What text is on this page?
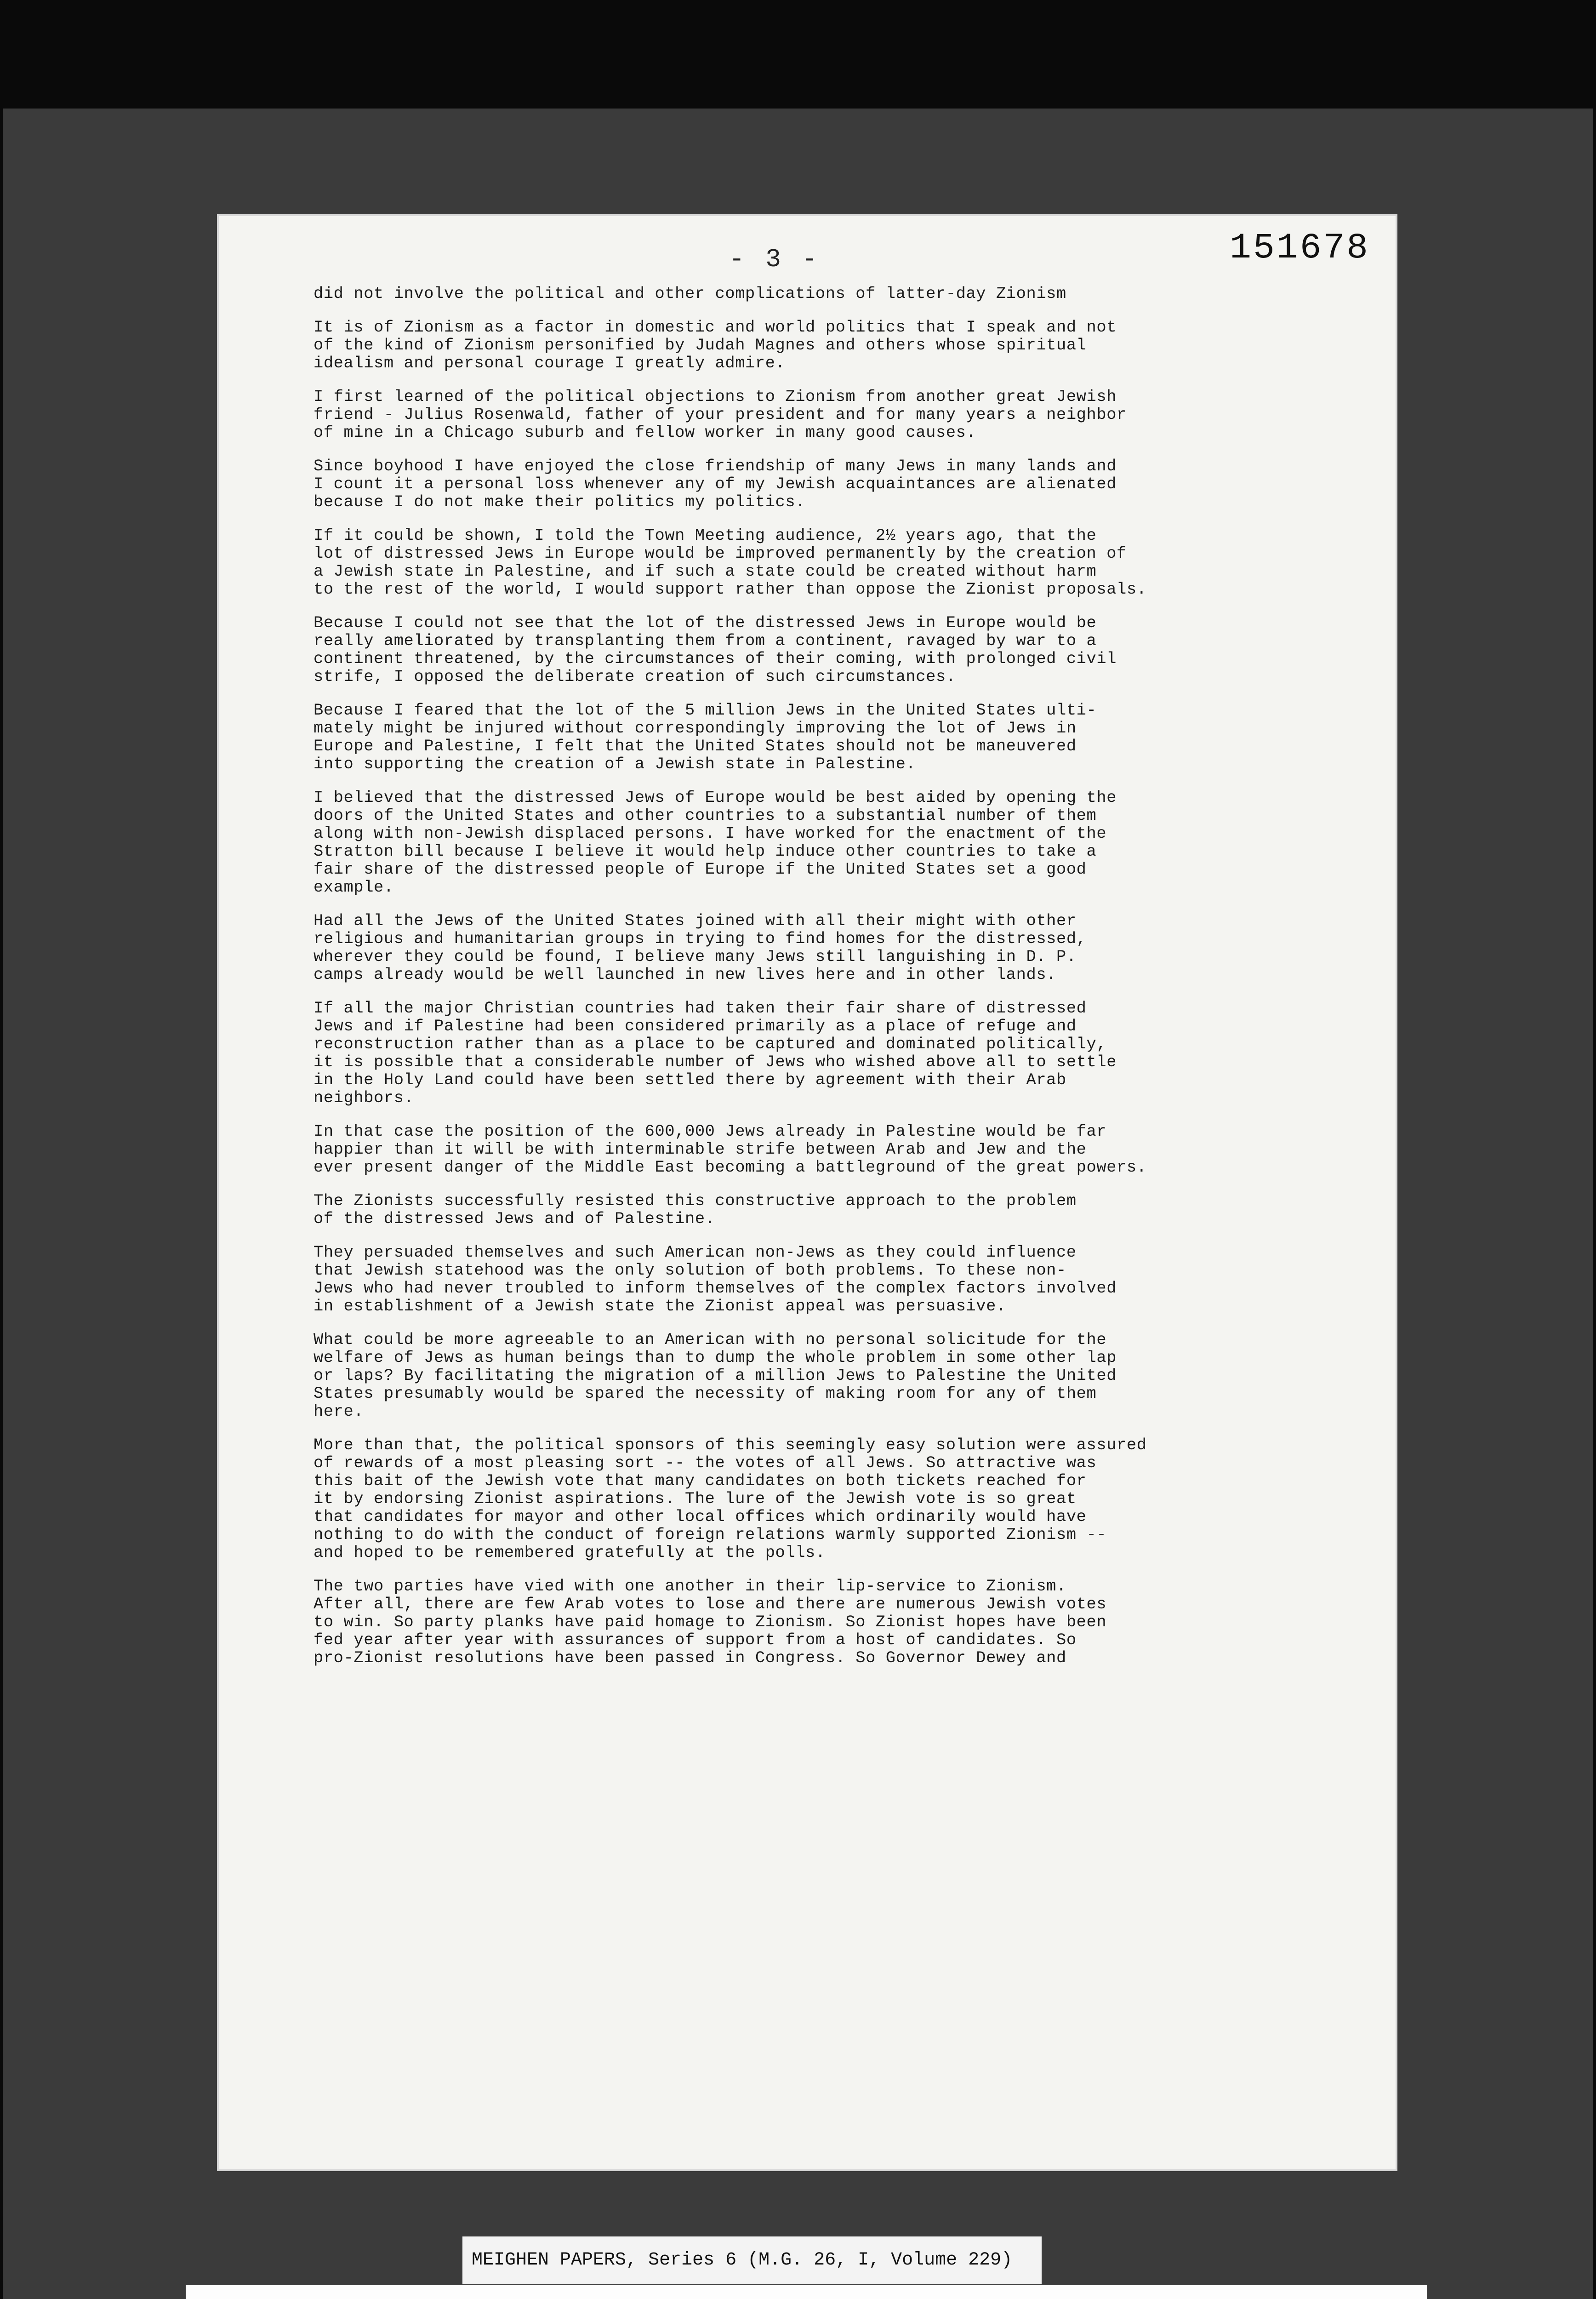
- 3 -	151678
did not involve the political and other complications of latter-day Zionism
It is of Zionism as a factor in domestic and world politics that I speak and not
of the kind of Zionism personified by Judah Magnes and others whose spiritual
idealism and personal courage I greatly admire.
I first learned of the political objections to Zionism from another great Jewish
friend - Julius Rosenwald, father of your president and for many years a neighbor
of mine in a Chicago suburb and fellow worker in many good causes.
Since boyhood I have enjoyed the close friendship of many Jews in many lands and
I count it a personal loss whenever any of my Jewish acquaintances are alienated
because I do not make their politics my politics.
If it could be shown, I told the Town Meeting audience, 2½ years ago, that the
lot of distressed Jews in Europe would be improved permanently by the creation of
a Jewish state in Palestine, and if such a state could be created without harm
to the rest of the world, I would support rather than oppose the Zionist proposals.
Because I could not see that the lot of the distressed Jews in Europe would be
really ameliorated by transplanting them from a continent, ravaged by war to a
continent threatened, by the circumstances of their coming, with prolonged civil
strife, I opposed the deliberate creation of such circumstances.
Because I feared that the lot of the 5 million Jews in the United States ulti-
mately might be injured without correspondingly improving the lot of Jews in
Europe and Palestine, I felt that the United States should not be maneuvered
into supporting the creation of a Jewish state in Palestine.
I believed that the distressed Jews of Europe would be best aided by opening the
doors of the United States and other countries to a substantial number of them
along with non-Jewish displaced persons. I have worked for the enactment of the
Stratton bill because I believe it would help induce other countries to take a
fair share of the distressed people of Europe if the United States set a good
example.
Had all the Jews of the United States joined with all their might with other
religious and humanitarian groups in trying to find homes for the distressed,
wherever they could be found, I believe many Jews still languishing in D. P.
camps already would be well launched in new lives here and in other lands.
If all the major Christian countries had taken their fair share of distressed
Jews and if Palestine had been considered primarily as a place of refuge and
reconstruction rather than as a place to be captured and dominated politically,
it is possible that a considerable number of Jews who wished above all to settle
in the Holy Land could have been settled there by agreement with their Arab
neighbors.
In that case the position of the 600,000 Jews already in Palestine would be far
happier than it will be with interminable strife between Arab and Jew and the
ever present danger of the Middle East becoming a battleground of the great powers.
The Zionists successfully resisted this constructive approach to the problem
of the distressed Jews and of Palestine.
They persuaded themselves and such American non-Jews as they could influence
that Jewish statehood was the only solution of both problems. To these non-
Jews who had never troubled to inform themselves of the complex factors involved
in establishment of a Jewish state the Zionist appeal was persuasive.
What could be more agreeable to an American with no personal solicitude for the
welfare of Jews as human beings than to dump the whole problem in some other lap
or laps? By facilitating the migration of a million Jews to Palestine the United
States presumably would be spared the necessity of making room for any of them
here.
More than that, the political sponsors of this seemingly easy solution were assured
of rewards of a most pleasing sort -- the votes of all Jews. So attractive was
this bait of the Jewish vote that many candidates on both tickets reached for
it by endorsing Zionist aspirations. The lure of the Jewish vote is so great
that candidates for mayor and other local offices which ordinarily would have
nothing to do with the conduct of foreign relations warmly supported Zionism --
and hoped to be remembered gratefully at the polls.
The two parties have vied with one another in their lip-service to Zionism.
After all, there are few Arab votes to lose and there are numerous Jewish votes
to win. So party planks have paid homage to Zionism. So Zionist hopes have been
fed year after year with assurances of support from a host of candidates. So
pro-Zionist resolutions have been passed in Congress. So Governor Dewey and
MEIGHEN PAPERS, Series 6 (M.G. 26, I, Volume 229)
